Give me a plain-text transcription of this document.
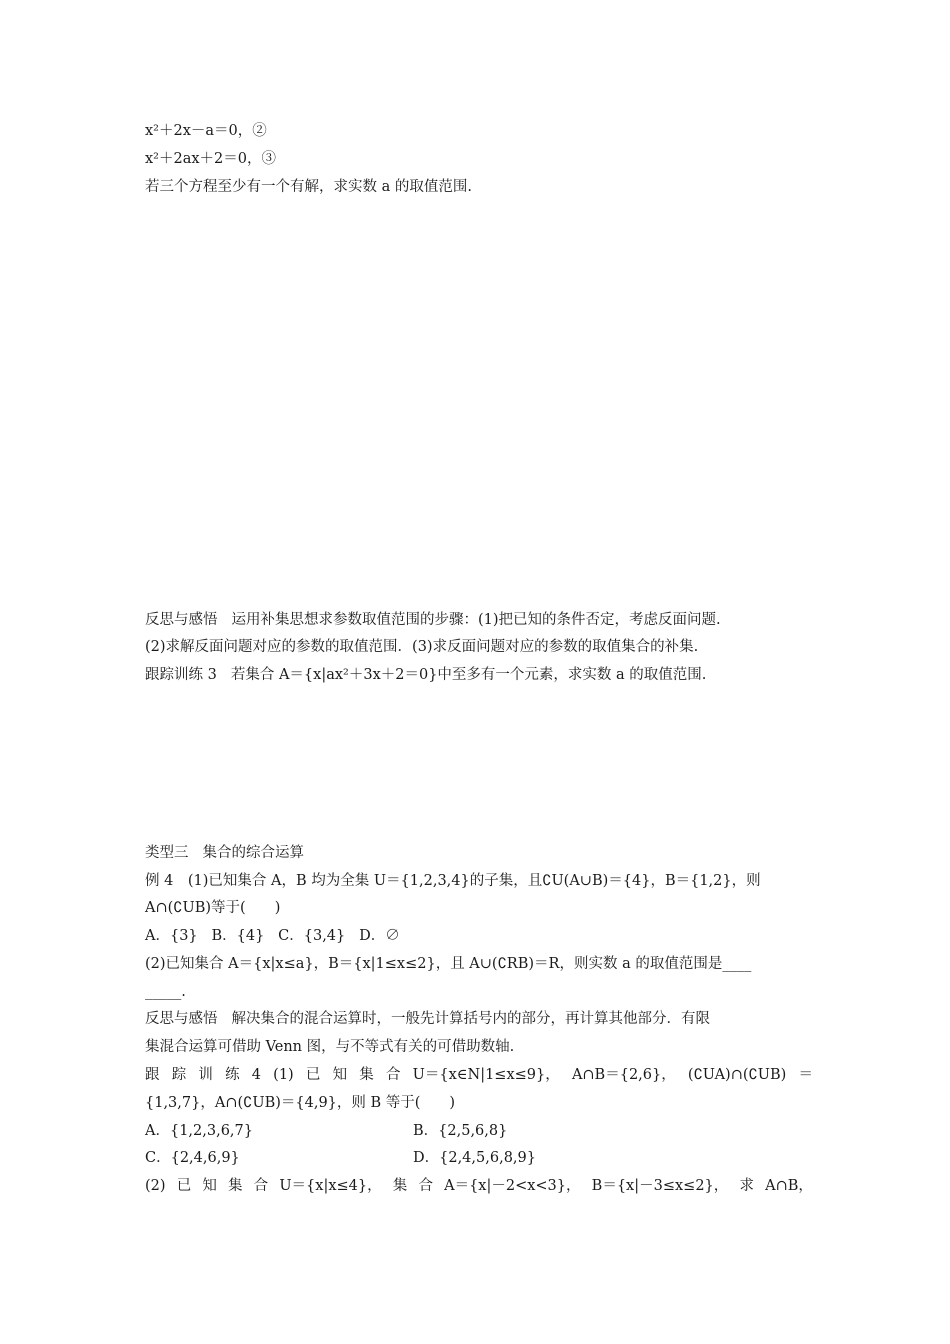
x²＋2x－a＝0，②
x²＋2ax＋2＝0，③
若三个方程至少有一个有解，求实数 a 的取值范围.
反思与感悟 运用补集思想求参数取值范围的步骤：(1)把已知的条件否定，考虑反面问题.
(2)求解反面问题对应的参数的取值范围．(3)求反面问题对应的参数的取值集合的补集.
跟踪训练 3 若集合 A＝{x|ax²＋3x＋2＝0}中至多有一个元素，求实数 a 的取值范围.
类型三 集合的综合运算
例 4　(1)已知集合 A，B 均为全集 U＝{1,2,3,4}的子集，且∁U(A∪B)＝{4}，B＝{1,2}，则
A∩(∁UB)等于(　　)
A．{3} B．{4} C．{3,4} D．∅
(2)已知集合 A＝{x|x≤a}，B＝{x|1≤x≤2}，且 A∪(∁RB)＝R，则实数 a 的取值范围是____
_____.
反思与感悟 解决集合的混合运算时，一般先计算括号内的部分，再计算其他部分．有限
集混合运算可借助 Venn 图，与不等式有关的可借助数轴.
跟 踪 训 练 4 (1) 已 知 集 合 U＝{x∈N|1≤x≤9}， A∩B＝{2,6}， (∁UA)∩(∁UB) ＝
{1,3,7}，A∩(∁UB)＝{4,9}，则 B 等于(　　)
A．{1,2,3,6,7}	B．{2,5,6,8}
C．{2,4,6,9}	D．{2,4,5,6,8,9}
(2) 已 知 集 合 U＝{x|x≤4}， 集 合 A＝{x|－2<x<3}， B＝{x|－3≤x≤2}， 求 A∩B，
